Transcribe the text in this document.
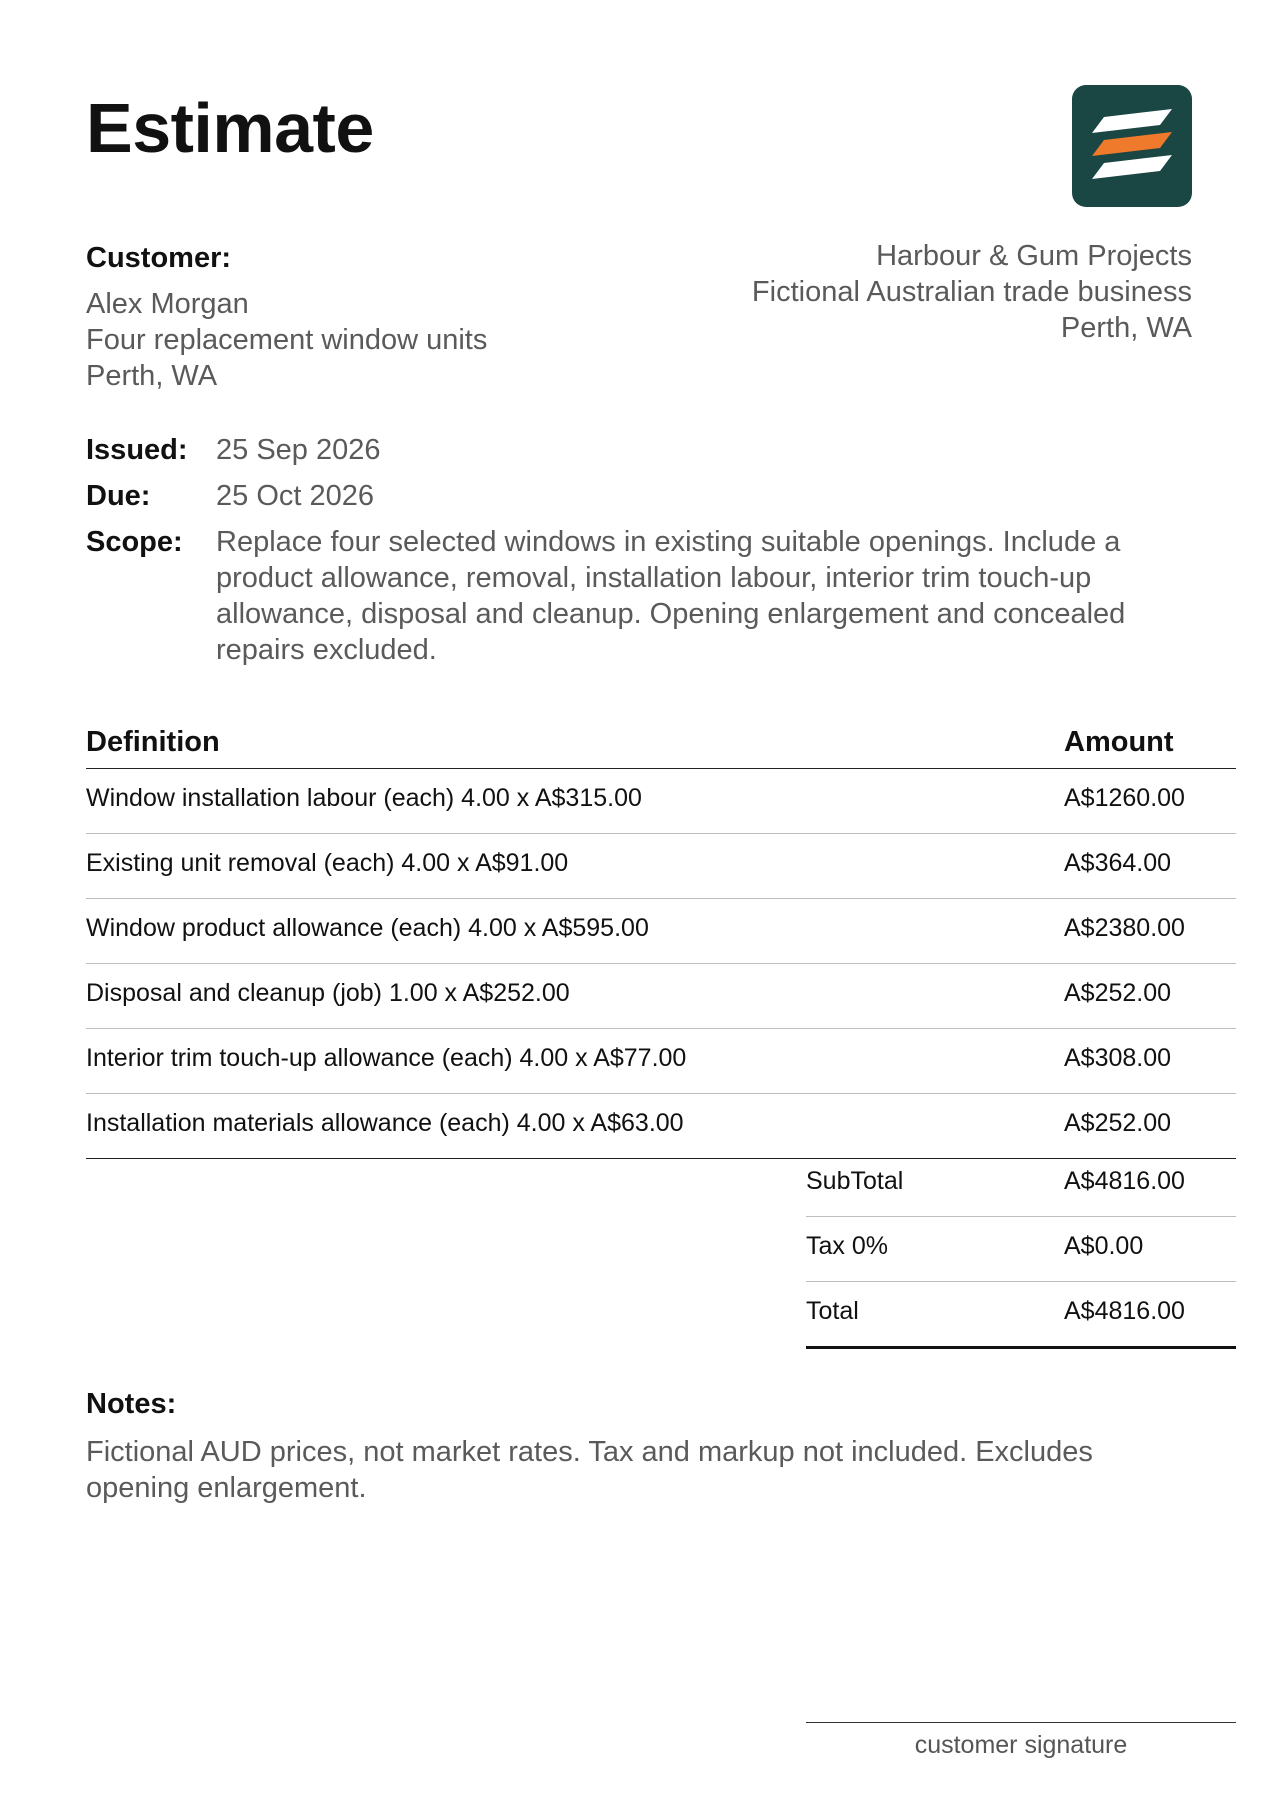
Estimate
Customer:
Alex Morgan
Four replacement window units
Perth, WA
Harbour & Gum Projects
Fictional Australian trade business
Perth, WA
Issued: 25 Sep 2026
Due:	25 Oct 2026
Scope:	Replace four selected windows in existing suitable openings. Include a product allowance, removal, installation labour, interior trim touch-up allowance, disposal and cleanup. Opening enlargement and concealed repairs excluded.
Definition	Amount
Window installation labour (each) 4.00 x A$315.00	A$1260.00
Existing unit removal (each) 4.00 x A$91.00	A$364.00
Window product allowance (each) 4.00 x A$595.00	A$2380.00
Disposal and cleanup (job) 1.00 x A$252.00	A$252.00
Interior trim touch-up allowance (each) 4.00 x A$77.00	A$308.00
Installation materials allowance (each) 4.00 x A$63.00	A$252.00
SubTotal	A$4816.00
Tax 0%	A$0.00
Total	A$4816.00
Notes:
Fictional AUD prices, not market rates. Tax and markup not included. Excludes opening enlargement.
customer signature
